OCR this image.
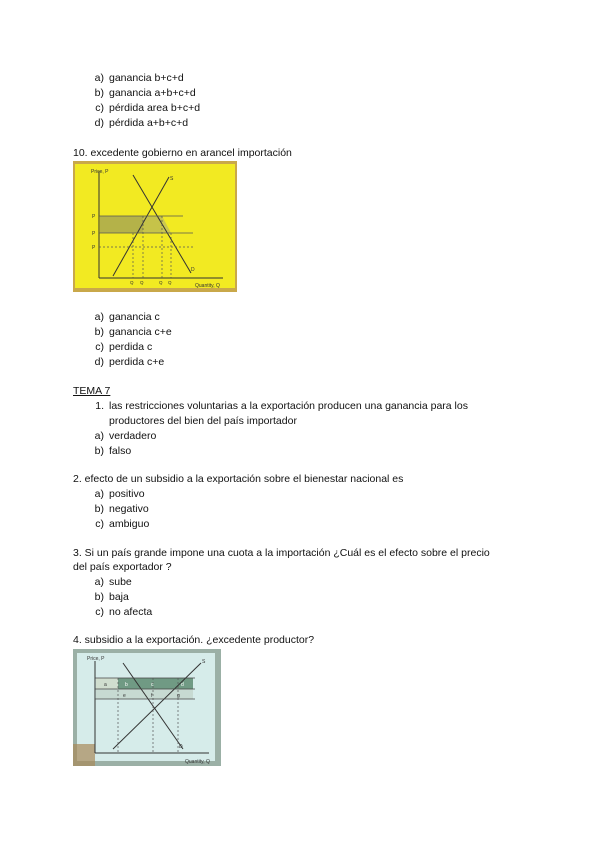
a) ganancia b+c+d
b) ganancia a+b+c+d
c) pérdida area b+c+d
d) pérdida a+b+c+d
10. excedente gobierno en arancel importación
Price, P
Quantity, Q
P
P
P
S
D
Q Q	Q Q
a) ganancia c
b) ganancia c+e
c) perdida c
d) perdida c+e
TEMA 7
1. las restricciones voluntarias a la exportación producen una ganancia para los
productores del bien del país importador
a) verdadero
b) falso
2. efecto de un subsidio a la exportación sobre el bienestar nacional es
a) positivo
b) negativo
c) ambiguo
3. Si un país grande impone una cuota a la importación ¿Cuál es el efecto sobre el precio
del país exportador ?
a) sube
b) baja
c) no afecta
4. subsidio a la exportación. ¿excedente productor?
Price, P
Quantity, Q
a	b	c	d
e	f	g
S
D
